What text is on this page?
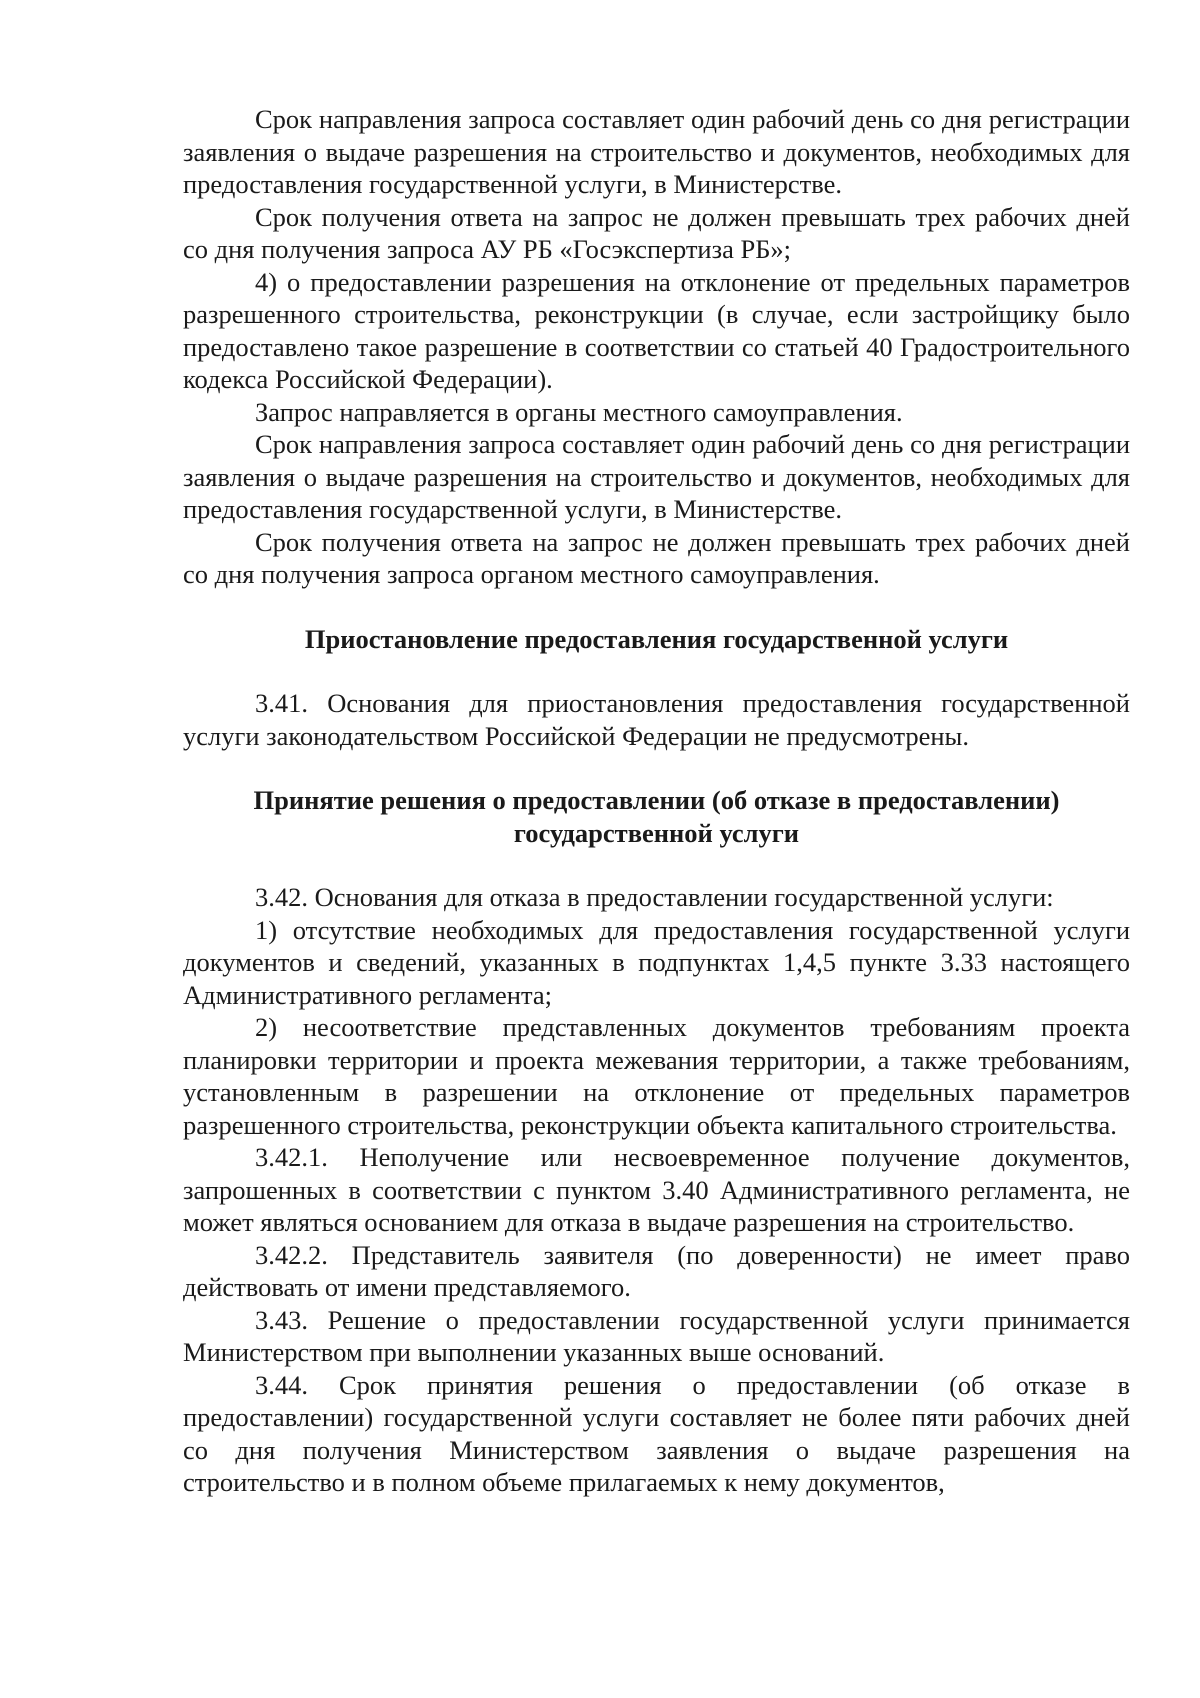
Срок направления запроса составляет один рабочий день со дня регистрации заявления о выдаче разрешения на строительство и документов, необходимых для предоставления государственной услуги, в Министерстве.

Срок получения ответа на запрос не должен превышать трех рабочих дней со дня получения запроса АУ РБ «Госэкспертиза РБ»;

4) о предоставлении разрешения на отклонение от предельных параметров разрешенного строительства, реконструкции (в случае, если застройщику было предоставлено такое разрешение в соответствии со статьей 40 Градостроительного кодекса Российской Федерации).

Запрос направляется в органы местного самоуправления.

Срок направления запроса составляет один рабочий день со дня регистрации заявления о выдаче разрешения на строительство и документов, необходимых для предоставления государственной услуги, в Министерстве.

Срок получения ответа на запрос не должен превышать трех рабочих дней со дня получения запроса органом местного самоуправления.

Приостановление предоставления государственной услуги

3.41. Основания для приостановления предоставления государственной услуги законодательством Российской Федерации не предусмотрены.

Принятие решения о предоставлении (об отказе в предоставлении)
государственной услуги

3.42. Основания для отказа в предоставлении государственной услуги:

1) отсутствие необходимых для предоставления государственной услуги документов и сведений, указанных в подпунктах 1,4,5 пункте 3.33 настоящего Административного регламента;

2) несоответствие представленных документов требованиям проекта планировки территории и проекта межевания территории, а также требованиям, установленным в разрешении на отклонение от предельных параметров разрешенного строительства, реконструкции объекта капитального строительства.

3.42.1. Неполучение или несвоевременное получение документов, запрошенных в соответствии с пунктом 3.40 Административного регламента, не может являться основанием для отказа в выдаче разрешения на строительство.

3.42.2. Представитель заявителя (по доверенности) не имеет право действовать от имени представляемого.

3.43. Решение о предоставлении государственной услуги принимается Министерством при выполнении указанных выше оснований.

3.44. Срок принятия решения о предоставлении (об отказе в предоставлении) государственной услуги составляет не более пяти рабочих дней со дня получения Министерством заявления о выдаче разрешения на строительство и в полном объеме прилагаемых к нему документов,
